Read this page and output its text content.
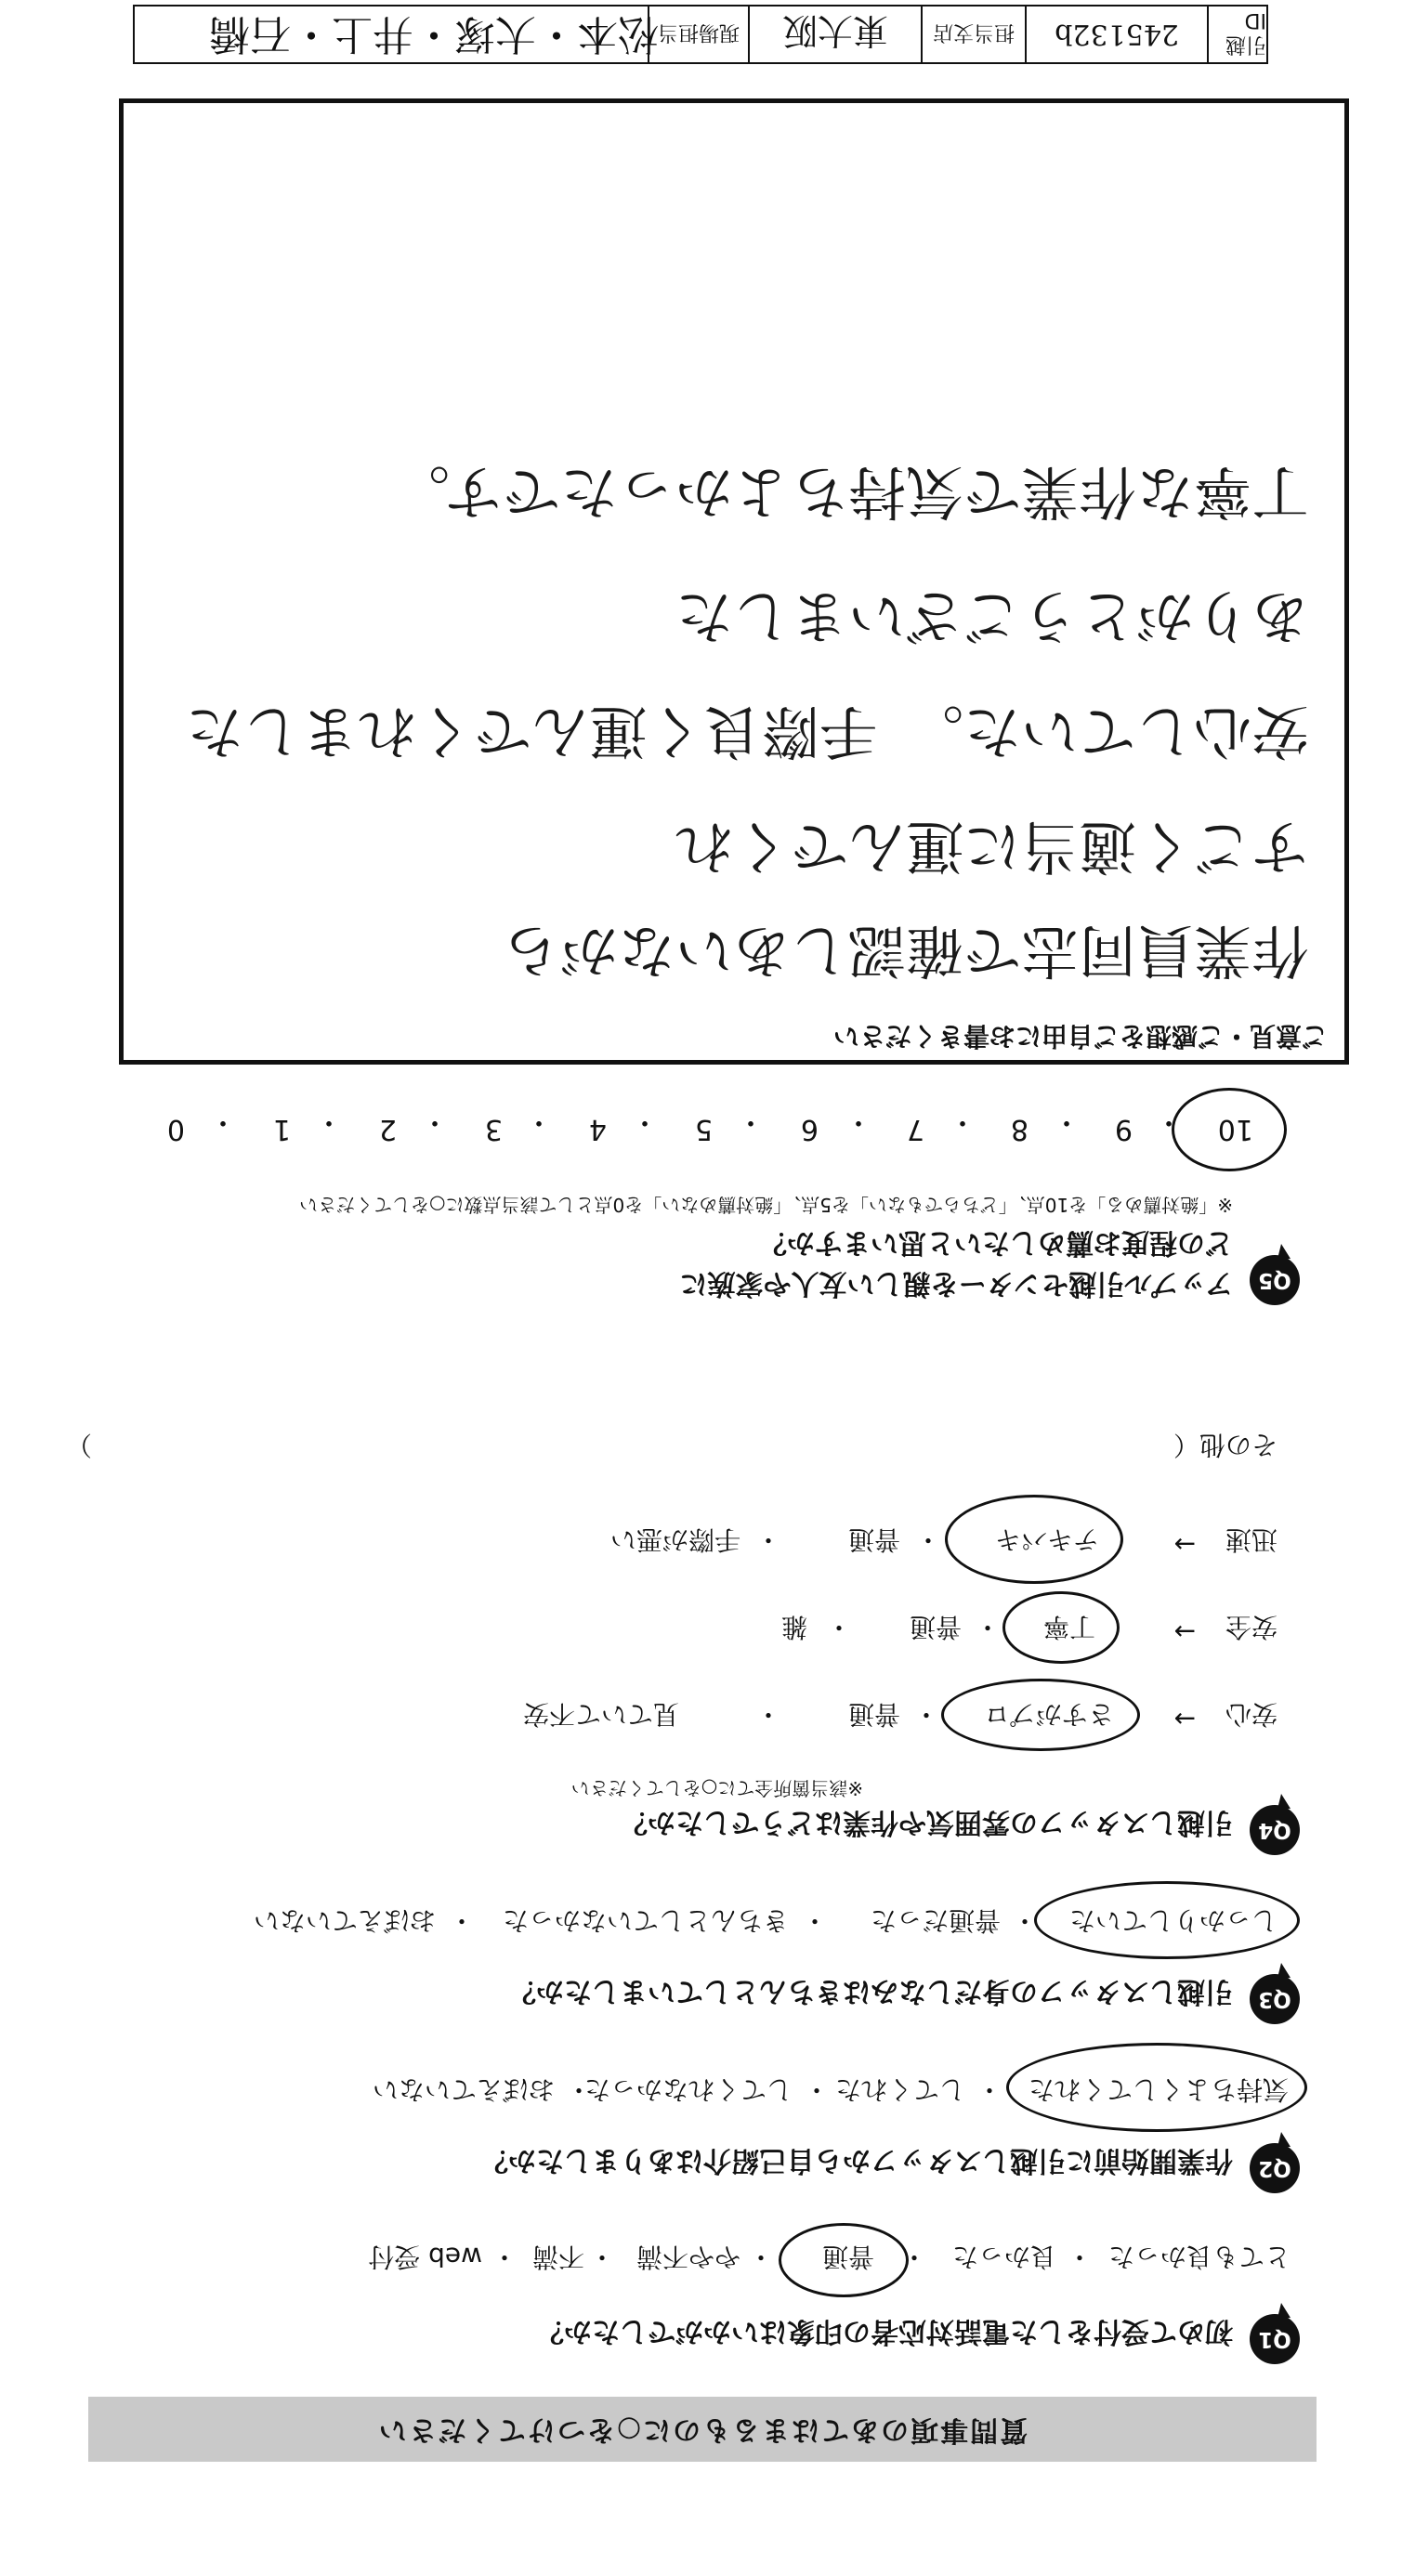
質問事項のあてはまるものに○をつけてください
Q1
初めて受付をした電話対応者の印象はいかがでしたか？
とても良かった
・
良かった
・
普通
・
やや不満
・
不満
・
web 受付
Q2
作業開始前に引越しスタッフから自己紹介はありましたか？
気持ちよくしてくれた
・
してくれた
・
してくれなかった
・
おぼえていない
Q3
引越しスタッフの身だしなみはきちんとしていましたか？
しっかりしていた
・
普通だった
・
きちんとしていなかった
・
おぼえていない
Q4
引越しスタッフの雰囲気や作業はどうでしたか？
※該当箇所全てに○をしてください
安心
→
さすがプロ
・
普通
・
見ていて不安
安全
→
丁寧
・
普通
・
雑
迅速
→
テキパキ
・
普通
・
手際が悪い
その他（
）
Q5
アップル引越センターを親しい友人や家族に
どの程度お薦めしたいと思いますか？
※「絶対薦める」を10点、「どちらでもない」を5点、「絶対薦めない」を0点として該当点数に○をしてください
10
・
9
・
8
・
7
・
6
・
5
・
4
・
3
・
2
・
1
・
0
ご意見・ご感想をご自由にお書きください
作業員同志で確認しあいながら
すごく適当に運んでくれ
安心していた。　手際良く運んでくれました
ありがとうございました
丁寧な作業で気持ちよかったです。
引越ID
245132b
担当支店
東大阪
現場担当
松本・大塚・井上・石橋
